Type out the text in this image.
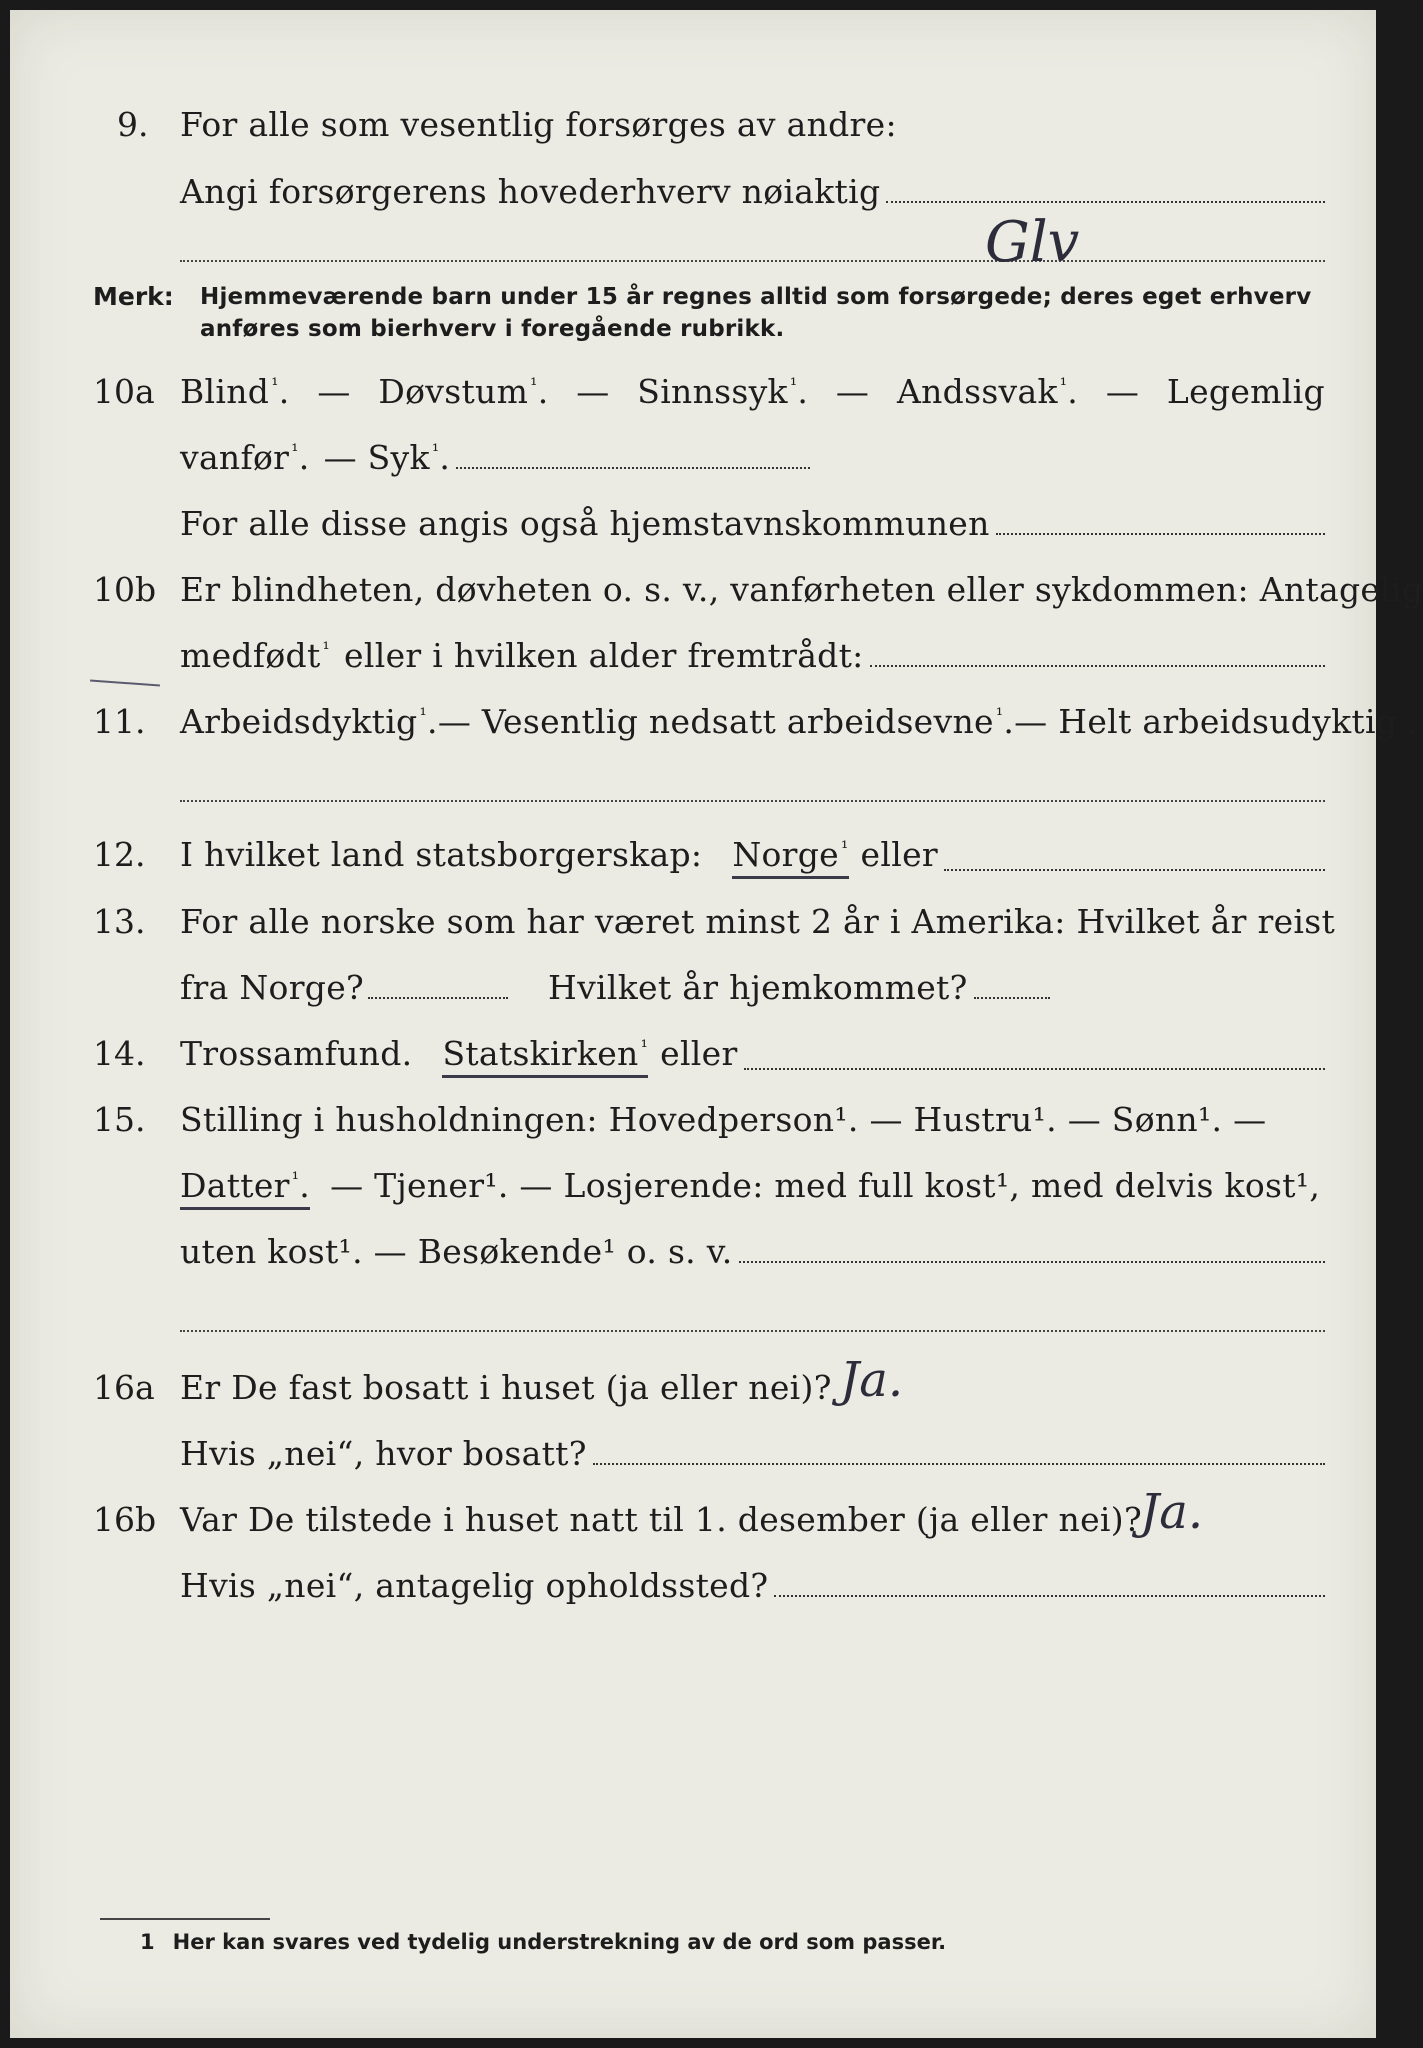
9. For alle som vesentlig forsørges av andre:
Angi forsørgerens hovederhverv nøiaktig
Glv
Merk: Hjemmeværende barn under 15 år regnes alltid som forsørgede; deres eget erhverv
anføres som bierhverv i foregående rubrikk.
10a Blind $^{^1}$. — Døvstum $^{^1}$. — Sinnssyk $^{^1}$. — Andssvak $^{^1}$. — Legemlig
vanfør $^{^1}$. — Syk $^{^1}$.
For alle disse angis også hjemstavnskommunen
10b Er blindheten, døvheten o. s. v., vanførheten eller sykdommen: Antagelig
medfødt $^{^1}$ eller i hvilken alder fremtrådt:
11. Arbeidsdyktig $^{^1}$. — Vesentlig nedsatt arbeidsevne $^{^1}$. — Helt arbeidsudyktig $^{^1}$.
12. I hvilket land statsborgerskap: Norge $^{^1}$ eller
13. For alle norske som har været minst 2 år i Amerika: Hvilket år reist
fra Norge?	Hvilket år hjemkommet?
14. Trossamfund. Statskirken $^{^1}$ eller
15. Stilling i husholdningen: Hovedperson¹. — Hustru¹. — Sønn¹. —
Datter $^{^1}$. — Tjener¹. — Losjerende: med full kost¹, med delvis kost¹,
uten kost¹. — Besøkende¹ o. s. v.
16a Er De fast bosatt i huset (ja eller nei)? Ja.
Hvis „nei“, hvor bosatt?
16b Var De tilstede i huset natt til 1. desember (ja eller nei)?
Ja.
Hvis „nei“, antagelig opholdssted?
1 Her kan svares ved tydelig understrekning av de ord som passer.
